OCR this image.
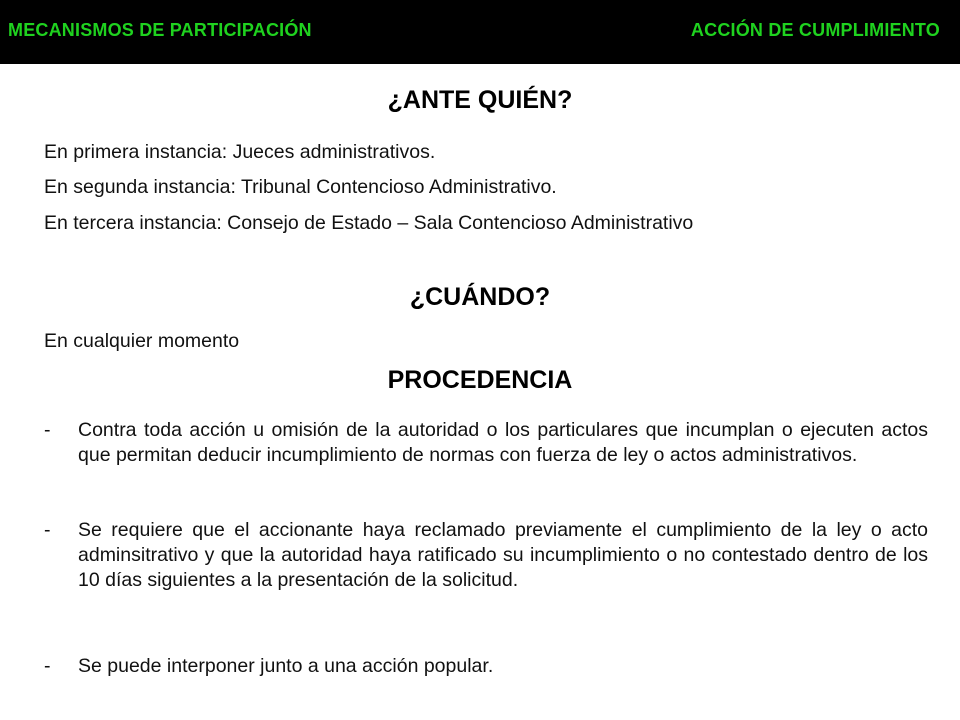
MECANISMOS DE PARTICIPACIÓN	ACCIÓN DE CUMPLIMIENTO
¿ANTE QUIÉN?
En primera instancia: Jueces administrativos.
En segunda instancia: Tribunal Contencioso Administrativo.
En tercera instancia: Consejo de Estado – Sala Contencioso Administrativo
¿CUÁNDO?
En cualquier momento
PROCEDENCIA
-	Contra toda acción u omisión de la autoridad o los particulares que incumplan o ejecuten actos que permitan deducir incumplimiento de normas con fuerza de ley o actos administrativos.
-	Se requiere que el accionante haya reclamado previamente el cumplimiento de la ley o acto adminsitrativo y que la autoridad haya ratificado su incumplimiento o no contestado dentro de los 10 días siguientes a la presentación de la solicitud.
-	Se puede interponer junto a una acción popular.
